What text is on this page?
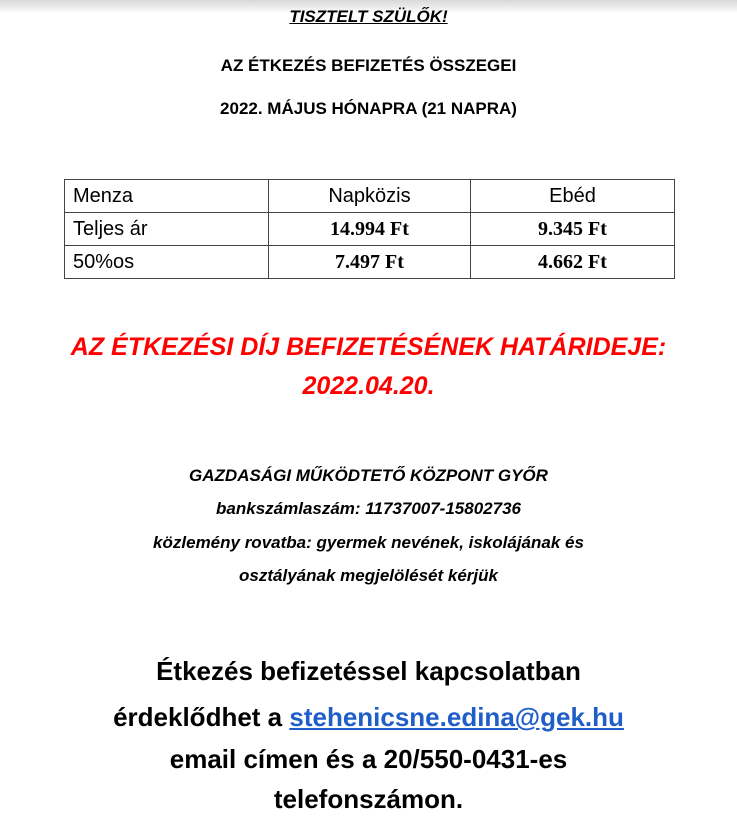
TISZTELT SZÜLŐK!
AZ ÉTKEZÉS BEFIZETÉS ÖSSZEGEI
2022. MÁJUS HÓNAPRA (21 NAPRA)
Menza	Napközis	Ebéd
Teljes ár	14.994 Ft	9.345 Ft
50%os	7.497 Ft	4.662 Ft
AZ ÉTKEZÉSI DÍJ BEFIZETÉSÉNEK HATÁRIDEJE:
2022.04.20.
GAZDASÁGI MŰKÖDTETŐ KÖZPONT GYŐR
bankszámlaszám: 11737007-15802736
közlemény rovatba: gyermek nevének, iskolájának és
osztályának megjelölését kérjük
Étkezés befizetéssel kapcsolatban
érdeklődhet a stehenicsne.edina@gek.hu
email címen és a 20/550-0431-es
telefonszámon.
